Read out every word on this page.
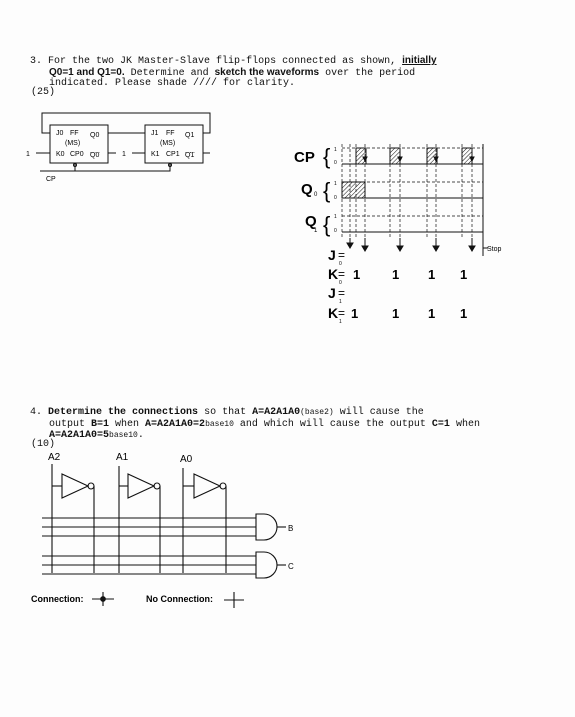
3. For the two JK Master-Slave flip-flops connected as shown, initially
Q0=1 and Q1=0. Determine and sketch the waveforms over the period
indicated. Please shade //// for clarity.
(25)
J0 FF Q0
(MS)
K0 CP0 Q0
1
J1 FF Q1
(MS)
K1 CP1 Q1
1
CP
CP { 1
0
Q 0 { 1
0
Q
1 { 1
0
Stop
J =
0
K =
0
1 1 1 1
J =
1
K =
1
1	1 1 1
4. Determine the connections so that A=A2A1A0(base2) will cause the
output B=1 when A=A2A1A0=2base10 and which will cause the output C=1 when
A=A2A1A0=5base10.
(10)
A2	A1	A0
B
C
Connection:	No Connection:
